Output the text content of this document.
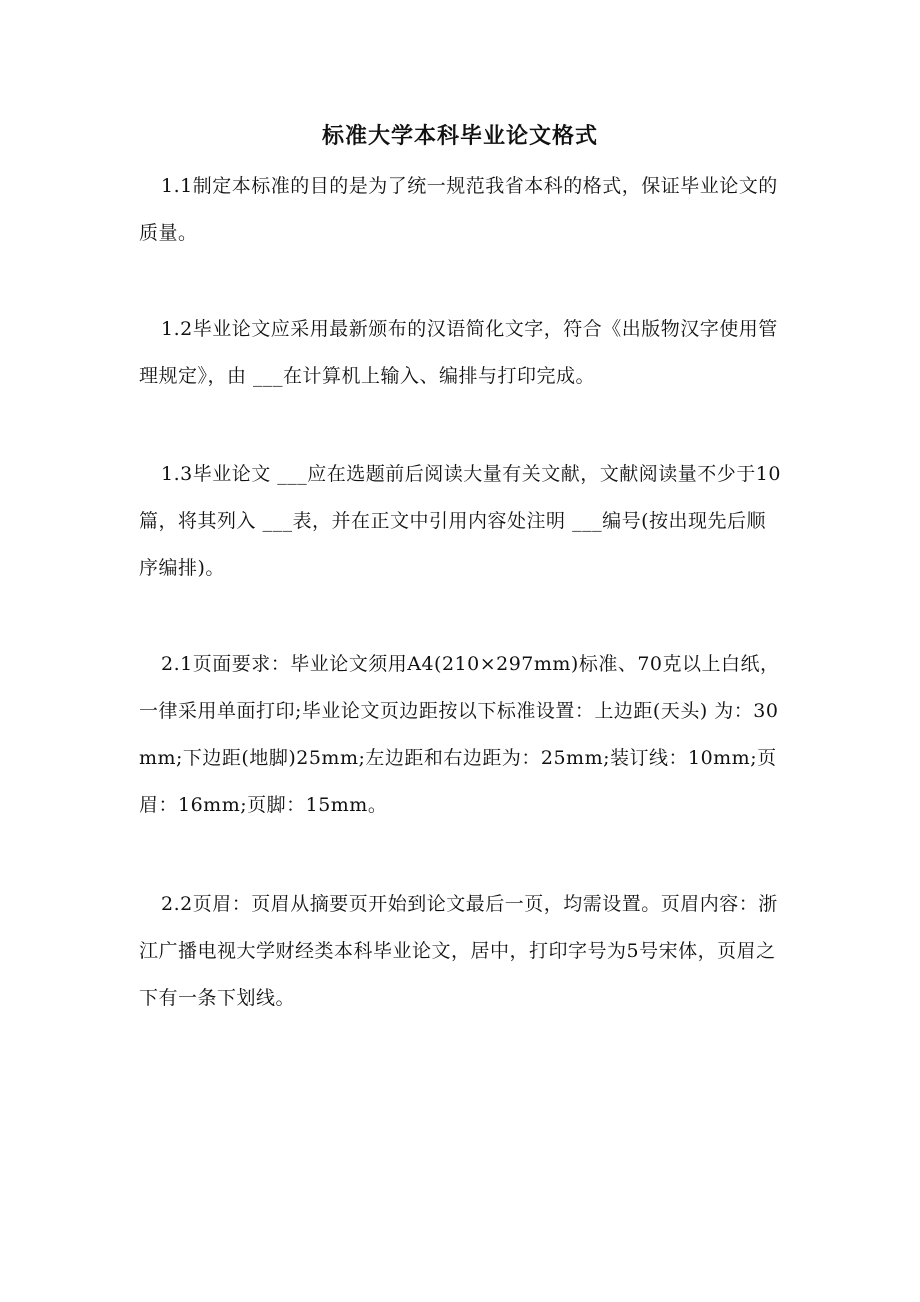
标准大学本科毕业论文格式
1.1制定本标准的目的是为了统一规范我省本科的格式，保证毕业论文的质量。
1.2毕业论文应采用最新颁布的汉语简化文字，符合《出版物汉字使用管理规定》，由 ___在计算机上输入、编排与打印完成。
1.3毕业论文 ___应在选题前后阅读大量有关文献，文献阅读量不少于10篇，将其列入 ___表，并在正文中引用内容处注明 ___编号(按出现先后顺序编排)。
2.1页面要求：毕业论文须用A4(210×297mm)标准、70克以上白纸，一律采用单面打印;毕业论文页边距按以下标准设置：上边距(天头) 为：30 mm;下边距(地脚)25mm;左边距和右边距为：25mm;装订线：10mm;页眉：16mm;页脚：15mm。
2.2页眉：页眉从摘要页开始到论文最后一页，均需设置。页眉内容：浙江广播电视大学财经类本科毕业论文，居中，打印字号为5号宋体，页眉之下有一条下划线。
